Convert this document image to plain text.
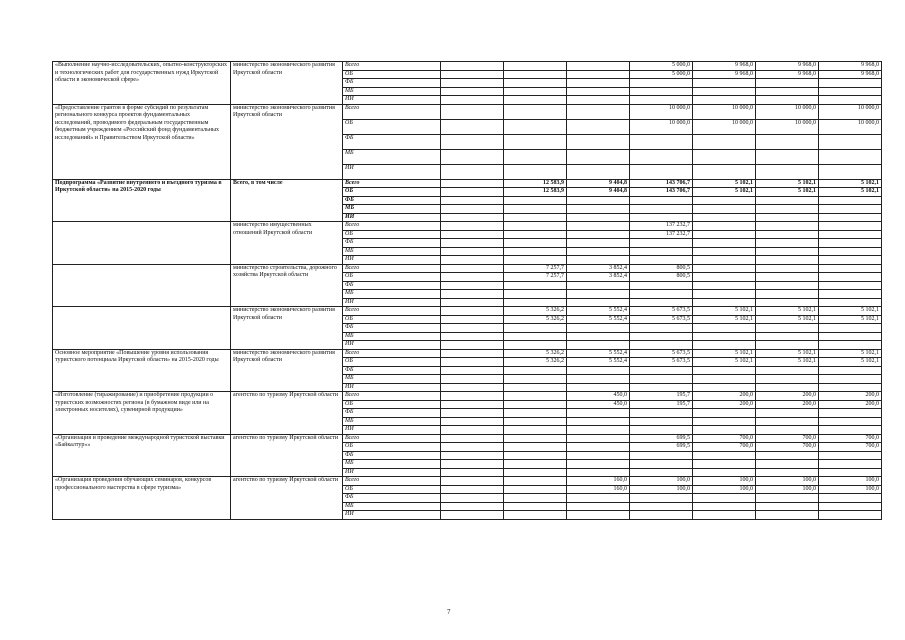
«Выполнение научно-исследовательских, опытно-конструкторских и технологических работ для государственных нужд Иркутской области в экономической сфере»	министерство экономического развития Иркутской области	Всего				5 000,0	9 968,0	9 968,0	9 968,0
		ОБ				5 000,0	9 968,0	9 968,0	9 968,0
		ФБ							
		МБ							
		ИИ							
«Предоставление грантов в форме субсидий по результатам регионального конкурса проектов фундаментальных исследований, проводимого федеральным государственным бюджетным учреждением «Российский фонд фундаментальных исследований» и Правительством Иркутской области»	министерство экономического развития Иркутской области	Всего				10 000,0	10 000,0	10 000,0	10 000,0
		ОБ				10 000,0	10 000,0	10 000,0	10 000,0
		ФБ							
		МБ							
		ИИ							
Подпрограмма «Развитие внутреннего и въездного туризма в Иркутской области» на 2015-2020 годы	Всего, в том числе	Всего		12 583,9	9 404,8	143 706,7	5 102,1	5 102,1	5 102,1
		ОБ		12 583,9	9 404,8	143 706,7	5 102,1	5 102,1	5 102,1
		ФБ							
		МБ							
		ИИ							
	министерство имущественных отношений Иркутской области	Всего				137 232,7			
		ОБ				137 232,7			
		ФБ							
		МБ							
		ИИ							
	министерство строительства, дорожного хозяйства Иркутской области	Всего		7 257,7	3 852,4	800,5			
		ОБ		7 257,7	3 852,4	800,5			
		ФБ							
		МБ							
		ИИ							
	министерство экономического развития Иркутской области	Всего		5 326,2	5 552,4	5 673,5	5 102,1	5 102,1	5 102,1
		ОБ		5 326,2	5 552,4	5 673,5	5 102,1	5 102,1	5 102,1
		ФБ							
		МБ							
		ИИ							
Основное мероприятие «Повышение уровня использования туристского потенциала Иркутской области» на 2015-2020 годы	министерство экономического развития Иркутской области	Всего		5 326,2	5 552,4	5 673,5	5 102,1	5 102,1	5 102,1
		ОБ		5 326,2	5 552,4	5 673,5	5 102,1	5 102,1	5 102,1
		ФБ							
		МБ							
		ИИ							
«Изготовление (тиражирование) и приобретение продукции о туристских возможностях региона (в бумажном виде или на электронных носителях), сувенирной продукции»	агентство по туризму Иркутской области	Всего			450,0	195,7	200,0	200,0	200,0
		ОБ			450,0	195,7	200,0	200,0	200,0
		ФБ							
		МБ							
		ИИ							
«Организация и проведение международной туристской выставки «Байкалтур»»	агентство по туризму Иркутской области	Всего				699,5	700,0	700,0	700,0
		ОБ				699,5	700,0	700,0	700,0
		ФБ							
		МБ							
		ИИ							
«Организация проведения обучающих семинаров, конкурсов профессионального мастерства в сфере туризма»	агентство по туризму Иркутской области	Всего			160,0	100,0	100,0	100,0	100,0
		ОБ			160,0	100,0	100,0	100,0	100,0
		ФБ							
		МБ							
		ИИ							
7
